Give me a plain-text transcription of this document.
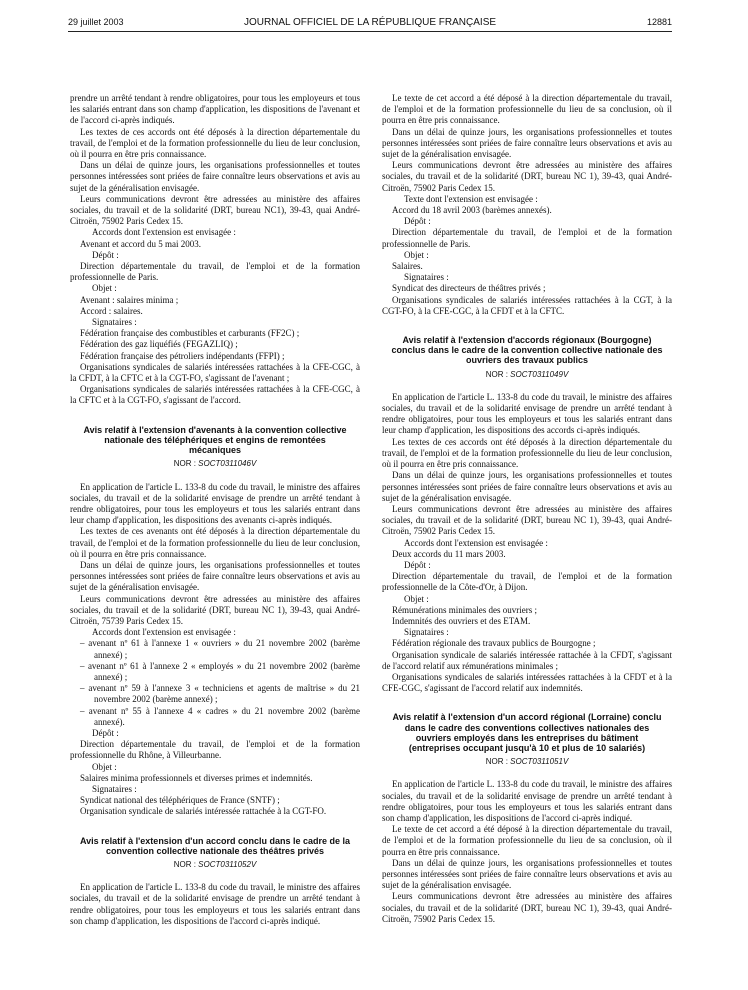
29 juillet 2003	JOURNAL OFFICIEL DE LA RÉPUBLIQUE FRANÇAISE	12881

prendre un arrêté tendant à rendre obligatoires, pour tous les employeurs et tous les salariés entrant dans son champ d'application, les dispositions de l'avenant et de l'accord ci-après indiqués.

Les textes de ces accords ont été déposés à la direction départementale du travail, de l'emploi et de la formation professionnelle du lieu de leur conclusion, où il pourra en être pris connaissance.

Dans un délai de quinze jours, les organisations professionnelles et toutes personnes intéressées sont priées de faire connaître leurs observations et avis au sujet de la généralisation envisagée.

Leurs communications devront être adressées au ministère des affaires sociales, du travail et de la solidarité (DRT, bureau NC1), 39-43, quai André-Citroën, 75902 Paris Cedex 15.

Accords dont l'extension est envisagée :

Avenant et accord du 5 mai 2003.

Dépôt :

Direction départementale du travail, de l'emploi et de la formation professionnelle de Paris.

Objet :

Avenant : salaires minima ;

Accord : salaires.

Signataires :

Fédération française des combustibles et carburants (FF2C) ;

Fédération des gaz liquéfiés (FEGAZLIQ) ;

Fédération française des pétroliers indépendants (FFPI) ;

Organisations syndicales de salariés intéressées rattachées à la CFE-CGC, à la CFDT, à la CFTC et à la CGT-FO, s'agissant de l'avenant ;

Organisations syndicales de salariés intéressées rattachées à la CFE-CGC, à la CFTC et à la CGT-FO, s'agissant de l'accord.

Avis relatif à l'extension d'avenants à la convention collective nationale des téléphériques et engins de remontées mécaniques
NOR : SOCT0311046V

En application de l'article L. 133-8 du code du travail, le ministre des affaires sociales, du travail et de la solidarité envisage de prendre un arrêté tendant à rendre obligatoires, pour tous les employeurs et tous les salariés entrant dans leur champ d'application, les dispositions des avenants ci-après indiqués.

Les textes de ces avenants ont été déposés à la direction départementale du travail, de l'emploi et de la formation professionnelle du lieu de leur conclusion, où il pourra en être pris connaissance.

Dans un délai de quinze jours, les organisations professionnelles et toutes personnes intéressées sont priées de faire connaître leurs observations et avis au sujet de la généralisation envisagée.

Leurs communications devront être adressées au ministère des affaires sociales, du travail et de la solidarité (DRT, bureau NC 1), 39-43, quai André-Citroën, 75739 Paris Cedex 15.

Accords dont l'extension est envisagée :

– avenant nº 61 à l'annexe 1 « ouvriers » du 21 novembre 2002 (barème annexé) ;

– avenant nº 61 à l'annexe 2 « employés » du 21 novembre 2002 (barème annexé) ;

– avenant nº 59 à l'annexe 3 « techniciens et agents de maîtrise » du 21 novembre 2002 (barème annexé) ;

– avenant nº 55 à l'annexe 4 « cadres » du 21 novembre 2002 (barème annexé).

Dépôt :

Direction départementale du travail, de l'emploi et de la formation professionnelle du Rhône, à Villeurbanne.

Objet :

Salaires minima professionnels et diverses primes et indemnités.

Signataires :

Syndicat national des téléphériques de France (SNTF) ;

Organisation syndicale de salariés intéressée rattachée à la CGT-FO.

Avis relatif à l'extension d'un accord conclu dans le cadre de la convention collective nationale des théâtres privés
NOR : SOCT0311052V

En application de l'article L. 133-8 du code du travail, le ministre des affaires sociales, du travail et de la solidarité envisage de prendre un arrêté tendant à rendre obligatoires, pour tous les employeurs et tous les salariés entrant dans son champ d'application, les dispositions de l'accord ci-après indiqué.

Le texte de cet accord a été déposé à la direction départementale du travail, de l'emploi et de la formation professionnelle du lieu de sa conclusion, où il pourra en être pris connaissance.

Dans un délai de quinze jours, les organisations professionnelles et toutes personnes intéressées sont priées de faire connaître leurs observations et avis au sujet de la généralisation envisagée.

Leurs communications devront être adressées au ministère des affaires sociales, du travail et de la solidarité (DRT, bureau NC 1), 39-43, quai André-Citroën, 75902 Paris Cedex 15.

Texte dont l'extension est envisagée :

Accord du 18 avril 2003 (barèmes annexés).

Dépôt :

Direction départementale du travail, de l'emploi et de la formation professionnelle de Paris.

Objet :

Salaires.

Signataires :

Syndicat des directeurs de théâtres privés ;

Organisations syndicales de salariés intéressées rattachées à la CGT, à la CGT-FO, à la CFE-CGC, à la CFDT et à la CFTC.

Avis relatif à l'extension d'accords régionaux (Bourgogne) conclus dans le cadre de la convention collective nationale des ouvriers des travaux publics
NOR : SOCT0311049V

En application de l'article L. 133-8 du code du travail, le ministre des affaires sociales, du travail et de la solidarité envisage de prendre un arrêté tendant à rendre obligatoires, pour tous les employeurs et tous les salariés entrant dans leur champ d'application, les dispositions des accords ci-après indiqués.

Les textes de ces accords ont été déposés à la direction départementale du travail, de l'emploi et de la formation professionnelle du lieu de leur conclusion, où il pourra en être pris connaissance.

Dans un délai de quinze jours, les organisations professionnelles et toutes personnes intéressées sont priées de faire connaître leurs observations et avis au sujet de la généralisation envisagée.

Leurs communications devront être adressées au ministère des affaires sociales, du travail et de la solidarité (DRT, bureau NC 1), 39-43, quai André-Citroën, 75902 Paris Cedex 15.

Accords dont l'extension est envisagée :

Deux accords du 11 mars 2003.

Dépôt :

Direction départementale du travail, de l'emploi et de la formation professionnelle de la Côte-d'Or, à Dijon.

Objet :

Rémunérations minimales des ouvriers ;

Indemnités des ouvriers et des ETAM.

Signataires :

Fédération régionale des travaux publics de Bourgogne ;

Organisation syndicale de salariés intéressée rattachée à la CFDT, s'agissant de l'accord relatif aux rémunérations minimales ;

Organisations syndicales de salariés intéressées rattachées à la CFDT et à la CFE-CGC, s'agissant de l'accord relatif aux indemnités.

Avis relatif à l'extension d'un accord régional (Lorraine) conclu dans le cadre des conventions collectives nationales des ouvriers employés dans les entreprises du bâtiment (entreprises occupant jusqu'à 10 et plus de 10 salariés)
NOR : SOCT0311051V

En application de l'article L. 133-8 du code du travail, le ministre des affaires sociales, du travail et de la solidarité envisage de prendre un arrêté tendant à rendre obligatoires, pour tous les employeurs et tous les salariés entrant dans son champ d'application, les dispositions de l'accord ci-après indiqué.

Le texte de cet accord a été déposé à la direction départementale du travail, de l'emploi et de la formation professionnelle du lieu de sa conclusion, où il pourra en être pris connaissance.

Dans un délai de quinze jours, les organisations professionnelles et toutes personnes intéressées sont priées de faire connaître leurs observations et avis au sujet de la généralisation envisagée.

Leurs communications devront être adressées au ministère des affaires sociales, du travail et de la solidarité (DRT, bureau NC 1), 39-43, quai André-Citroën, 75902 Paris Cedex 15.
